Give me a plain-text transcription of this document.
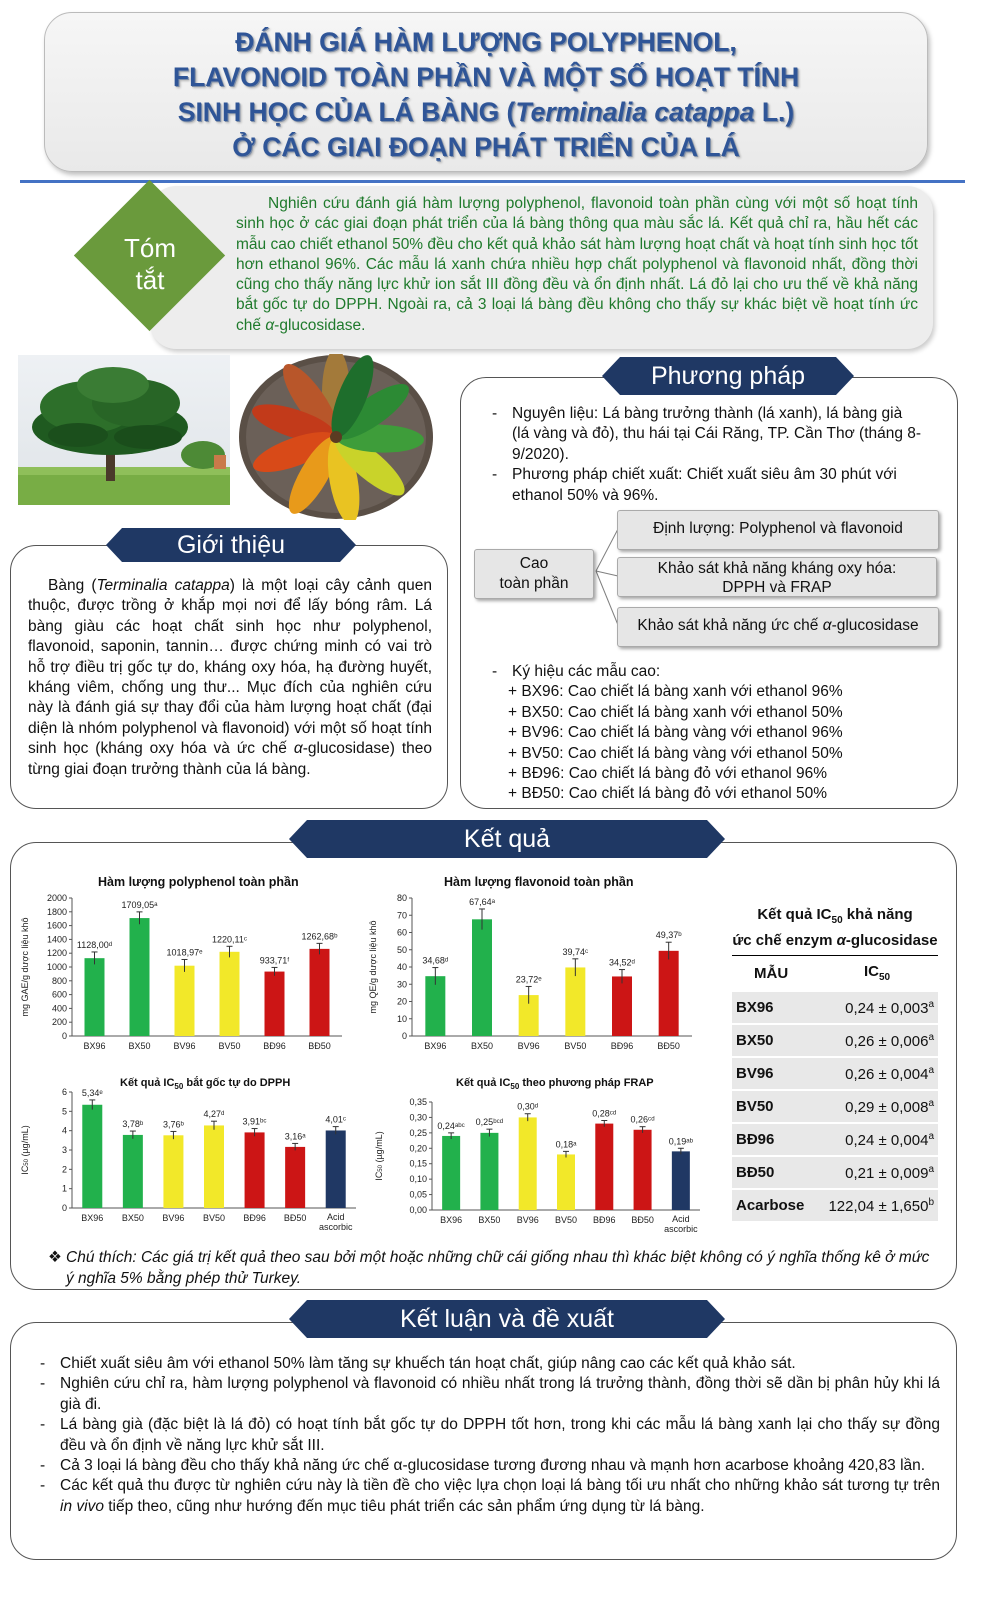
ĐÁNH GIÁ HÀM LƯỢNG POLYPHENOL,
FLAVONOID TOÀN PHẦN VÀ MỘT SỐ HOẠT TÍNH
SINH HỌC CỦA LÁ BÀNG (Terminalia catappa L.)
Ở CÁC GIAI ĐOẠN PHÁT TRIỂN CỦA LÁ
Tóm
tắt
Nghiên cứu đánh giá hàm lượng polyphenol, flavonoid toàn phần cùng với một số hoạt tính sinh học ở các giai đoạn phát triển của lá bàng thông qua màu sắc lá. Kết quả chỉ ra, hầu hết các mẫu cao chiết ethanol 50% đều cho kết quả khảo sát hàm lượng hoạt chất và hoạt tính sinh học tốt hơn ethanol 96%. Các mẫu lá xanh chứa nhiều hợp chất polyphenol và flavonoid nhất, đồng thời cũng cho thấy năng lực khử ion sắt III đồng đều và ổn định nhất. Lá đỏ lại cho ưu thế về khả năng bắt gốc tự do DPPH. Ngoài ra, cả 3 loại lá bàng đều không cho thấy sự khác biệt về hoạt tính ức chế α-glucosidase.
Giới thiệu
Bàng (Terminalia catappa) là một loại cây cảnh quen thuộc, được trồng ở khắp mọi nơi để lấy bóng râm. Lá bàng giàu các hoạt chất sinh học như polyphenol, flavonoid, saponin, tannin… được chứng minh có vai trò hỗ trợ điều trị gốc tự do, kháng oxy hóa, hạ đường huyết, kháng viêm, chống ung thư... Mục đích của nghiên cứu này là đánh giá sự thay đổi của hàm lượng hoạt chất (đại diện là nhóm polyphenol và flavonoid) với một số hoạt tính sinh học (kháng oxy hóa và ức chế α-glucosidase) theo từng giai đoạn trưởng thành của lá bàng.
Phương pháp
- Nguyên liệu: Lá bàng trưởng thành (lá xanh), lá bàng già (lá vàng và đỏ), thu hái tại Cái Răng, TP. Cần Thơ (tháng 8-9/2020).
- Phương pháp chiết xuất: Chiết xuất siêu âm 30 phút với ethanol 50% và 96%.
Cao
toàn phần
Định lượng: Polyphenol và flavonoid
Khảo sát khả năng kháng oxy hóa:
DPPH và FRAP
Khảo sát khả năng ức chế α-glucosidase
- Ký hiệu các mẫu cao:
+ BX96: Cao chiết lá bàng xanh với ethanol 96%
+ BX50: Cao chiết lá bàng xanh với ethanol 50%
+ BV96: Cao chiết lá bàng vàng với ethanol 96%
+ BV50: Cao chiết lá bàng vàng với ethanol 50%
+ BĐ96: Cao chiết lá bàng đỏ với ethanol 96%
+ BĐ50: Cao chiết lá bàng đỏ với ethanol 50%
Kết quả
Hàm lượng polyphenol toàn phần
mg GAE/g dược liệu khô
0
200
400
600
800
1000
1200
1400
1600
1800
2000
1128,00ᵈ
BX96
1709,05ᵃ
BX50
1018,97ᵉ
BV96
1220,11ᶜ
BV50
933,71ᶠ
BĐ96
1262,68ᵇ
BĐ50
Hàm lượng flavonoid toàn phần
mg QE/g dược liệu khô
0
10
20
30
40
50
60
70
80
34,68ᵈ
BX96
67,64ᵃ
BX50
23,72ᵉ
BV96
39,74ᶜ
BV50
34,52ᵈ
BĐ96
49,37ᵇ
BĐ50
Kết quả $IC_{50}$ bắt gốc tự do DPPH
IC50 (µg/mL)
0
1
2
3
4
5
6 5,34ᵉ
BX96
3,78ᵇ
BX50
3,76ᵇ
BV96
4,27ᵈ
BV50
3,91ᵇᶜ
BĐ96
3,16ᵃ
BĐ50
4,01ᶜ
Acid
ascorbic
Kết quả $IC_{50}$ theo phương pháp FRAP
IC50 (µg/mL)
0,00
0,05
0,10
0,15
0,20
0,25
0,30
0,35
0,24ᵃᵇᶜ
BX96
0,25ᵇᶜᵈ
BX50
0,30ᵈ
BV96
0,18ᵃ
BV50
0,28ᶜᵈ
BĐ96
0,26ᶜᵈ
BĐ50
0,19ᵃᵇ
Acid
ascorbic
Kết quả $IC_{50}$ khả năng
ức chế enzym α-glucosidase
MẪU	$IC_{50}$
BX96	0,24 ± 0,003$^a$
BX50	0,26 ± 0,006$^a$
BV96	0,26 ± 0,004$^a$
BV50	0,29 ± 0,008$^a$
BĐ96	0,24 ± 0,004$^a$
BĐ50	0,21 ± 0,009$^a$
Acarbose	122,04 ± 1,650$^b$
❖ Chú thích: Các giá trị kết quả theo sau bởi một hoặc những chữ cái giống nhau thì khác biệt không có ý nghĩa thống kê ở mức ý nghĩa 5% bằng phép thử Turkey.
Kết luận và đề xuất
- Chiết xuất siêu âm với ethanol 50% làm tăng sự khuếch tán hoạt chất, giúp nâng cao các kết quả khảo sát.
- Nghiên cứu chỉ ra, hàm lượng polyphenol và flavonoid có nhiều nhất trong lá trưởng thành, đồng thời sẽ dần bị phân hủy khi lá già đi.
- Lá bàng già (đặc biệt là lá đỏ) có hoạt tính bắt gốc tự do DPPH tốt hơn, trong khi các mẫu lá bàng xanh lại cho thấy sự đồng đều và ổn định về năng lực khử sắt III.
- Cả 3 loại lá bàng đều cho thấy khả năng ức chế α-glucosidase tương đương nhau và mạnh hơn acarbose khoảng 420,83 lần.
- Các kết quả thu được từ nghiên cứu này là tiền đề cho việc lựa chọn loại lá bàng tối ưu nhất cho những khảo sát tương tự trên in vivo tiếp theo, cũng như hướng đến mục tiêu phát triển các sản phẩm ứng dụng từ lá bàng.
